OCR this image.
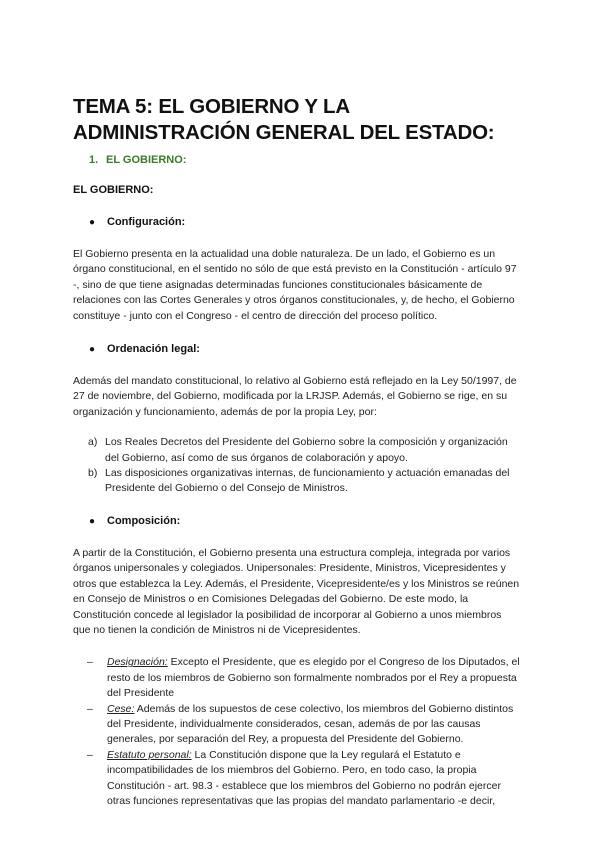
TEMA 5: EL GOBIERNO Y LA
ADMINISTRACIÓN GENERAL DEL ESTADO:
1. EL GOBIERNO:
EL GOBIERNO:
●	Configuración:

El Gobierno presenta en la actualidad una doble naturaleza. De un lado, el Gobierno es un órgano constitucional, en el sentido no sólo de que está previsto en la Constitución - artículo 97 -, sino de que tiene asignadas determinadas funciones constitucionales básicamente de relaciones con las Cortes Generales y otros órganos constitucionales, y, de hecho, el Gobierno constituye - junto con el Congreso - el centro de dirección del proceso político.

●	Ordenación legal:

Además del mandato constitucional, lo relativo al Gobierno está reflejado en la Ley 50/1997, de 27 de noviembre, del Gobierno, modificada por la LRJSP. Además, el Gobierno se rige, en su organización y funcionamiento, además de por la propia Ley, por:

a) Los Reales Decretos del Presidente del Gobierno sobre la composición y organización del Gobierno, así como de sus órganos de colaboración y apoyo.
b) Las disposiciones organizativas internas, de funcionamiento y actuación emanadas del Presidente del Gobierno o del Consejo de Ministros.
●	Composición:

A partir de la Constitución, el Gobierno presenta una estructura compleja, integrada por varios órganos unipersonales y colegiados. Unipersonales: Presidente, Ministros, Vicepresidentes y otros que establezca la Ley. Además, el Presidente, Vicepresidente/es y los Ministros se reúnen en Consejo de Ministros o en Comisiones Delegadas del Gobierno. De este modo, la Constitución concede al legislador la posibilidad de incorporar al Gobierno a unos miembros que no tienen la condición de Ministros ni de Vicepresidentes.

–	Designación: Excepto el Presidente, que es elegido por el Congreso de los Diputados, el resto de los miembros de Gobierno son formalmente nombrados por el Rey a propuesta del Presidente
–	Cese: Además de los supuestos de cese colectivo, los miembros del Gobierno distintos del Presidente, individualmente considerados, cesan, además de por las causas generales, por separación del Rey, a propuesta del Presidente del Gobierno.
–	Estatuto personal: La Constitución dispone que la Ley regulará el Estatuto e incompatibilidades de los miembros del Gobierno. Pero, en todo caso, la propia Constitución - art. 98.3 - establece que los miembros del Gobierno no podrán ejercer otras funciones representativas que las propias del mandato parlamentario -e decir,
